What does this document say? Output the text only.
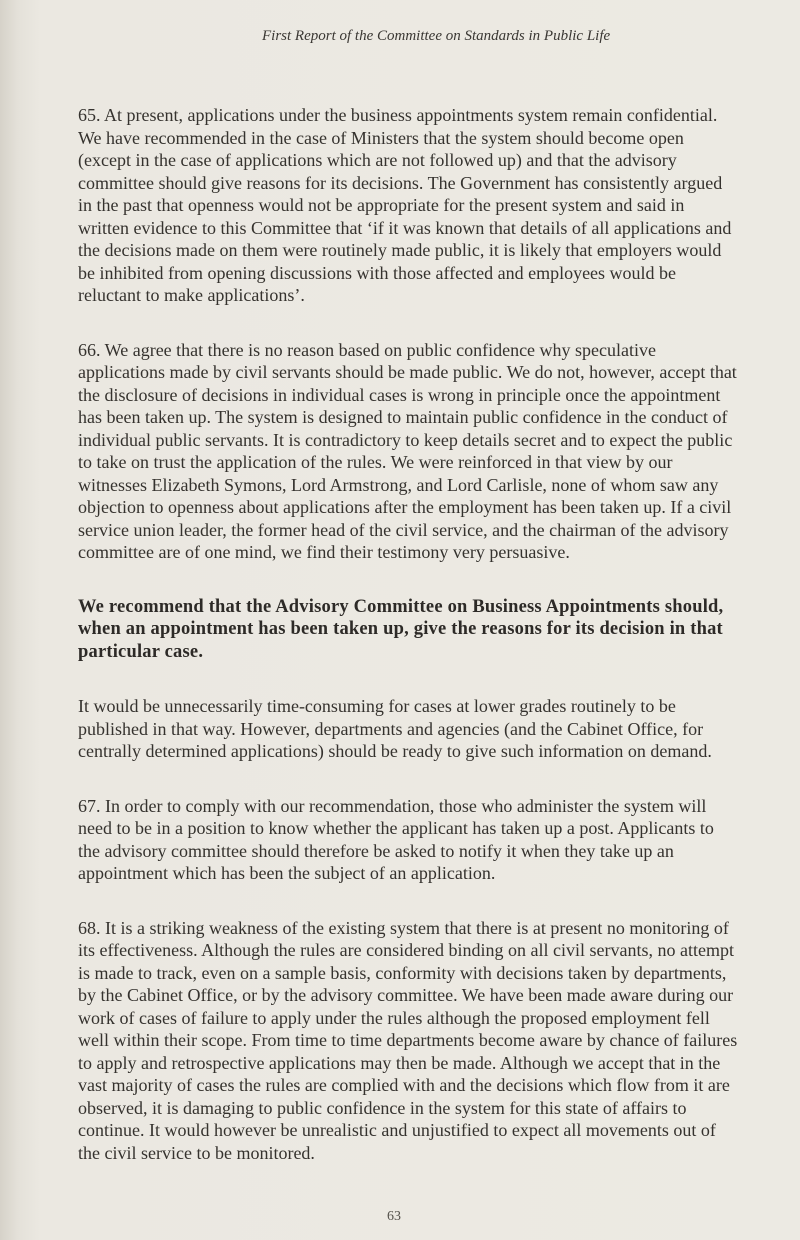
First Report of the Committee on Standards in Public Life

65. At present, applications under the business appointments system remain confidential. We have recommended in the case of Ministers that the system should become open (except in the case of applications which are not followed up) and that the advisory committee should give reasons for its decisions. The Government has consistently argued in the past that openness would not be appropriate for the present system and said in written evidence to this Committee that ‘if it was known that details of all applications and the decisions made on them were routinely made public, it is likely that employers would be inhibited from opening discussions with those affected and employees would be reluctant to make applications’.

66. We agree that there is no reason based on public confidence why speculative applications made by civil servants should be made public. We do not, however, accept that the disclosure of decisions in individual cases is wrong in principle once the appointment has been taken up. The system is designed to maintain public confidence in the conduct of individual public servants. It is contradictory to keep details secret and to expect the public to take on trust the application of the rules. We were reinforced in that view by our witnesses Elizabeth Symons, Lord Armstrong, and Lord Carlisle, none of whom saw any objection to openness about applications after the employment has been taken up. If a civil service union leader, the former head of the civil service, and the chairman of the advisory committee are of one mind, we find their testimony very persuasive.

We recommend that the Advisory Committee on Business Appointments should, when an appointment has been taken up, give the reasons for its decision in that particular case.

It would be unnecessarily time-consuming for cases at lower grades routinely to be published in that way. However, departments and agencies (and the Cabinet Office, for centrally determined applications) should be ready to give such information on demand.

67. In order to comply with our recommendation, those who administer the system will need to be in a position to know whether the applicant has taken up a post. Applicants to the advisory committee should therefore be asked to notify it when they take up an appointment which has been the subject of an application.

68. It is a striking weakness of the existing system that there is at present no monitoring of its effectiveness. Although the rules are considered binding on all civil servants, no attempt is made to track, even on a sample basis, conformity with decisions taken by departments, by the Cabinet Office, or by the advisory committee. We have been made aware during our work of cases of failure to apply under the rules although the proposed employment fell well within their scope. From time to time departments become aware by chance of failures to apply and retrospective applications may then be made. Although we accept that in the vast majority of cases the rules are complied with and the decisions which flow from it are observed, it is damaging to public confidence in the system for this state of affairs to continue. It would however be unrealistic and unjustified to expect all movements out of the civil service to be monitored.

63
